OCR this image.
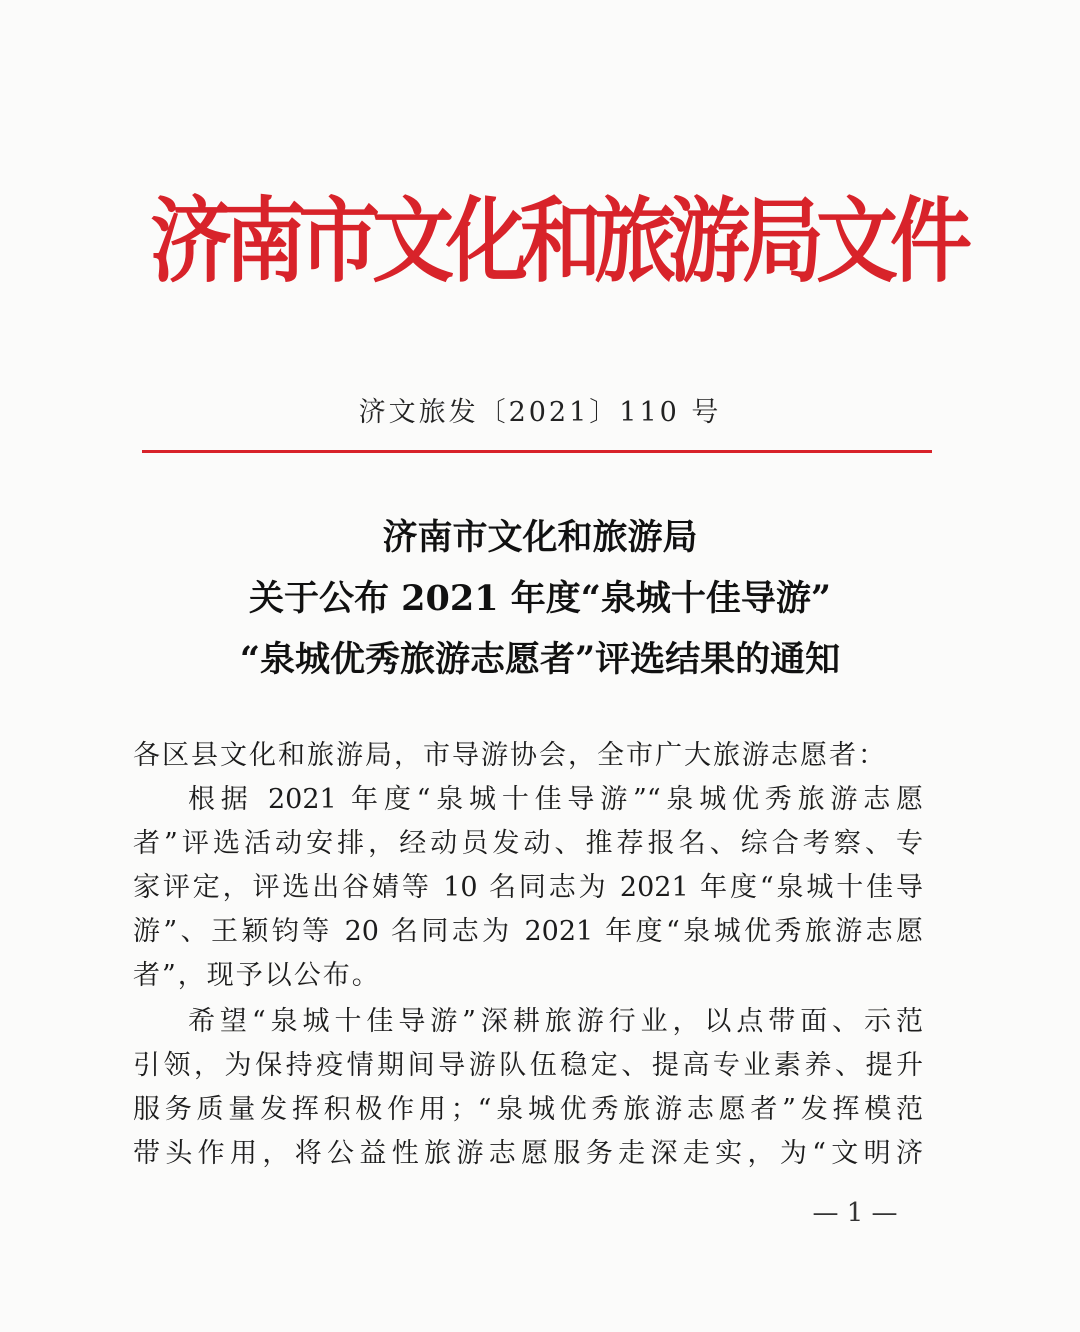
济南市文化和旅游局文件
济文旅发〔2021〕110 号
济南市文化和旅游局
关于公布 2021 年度“泉城十佳导游”
“泉城优秀旅游志愿者”评选结果的通知
各区县文化和旅游局，市导游协会，全市广大旅游志愿者：
根据 2021 年度“泉城十佳导游”“泉城优秀旅游志愿
者”评选活动安排，经动员发动、推荐报名、综合考察、专
家评定，评选出谷婧等 10 名同志为 2021 年度“泉城十佳导
游”、王颖钧等 20 名同志为 2021 年度“泉城优秀旅游志愿
者”，现予以公布。
希望“泉城十佳导游”深耕旅游行业，以点带面、示范
引领，为保持疫情期间导游队伍稳定、提高专业素养、提升
服务质量发挥积极作用；“泉城优秀旅游志愿者”发挥模范
带头作用，将公益性旅游志愿服务走深走实，为“文明济
— 1 —
